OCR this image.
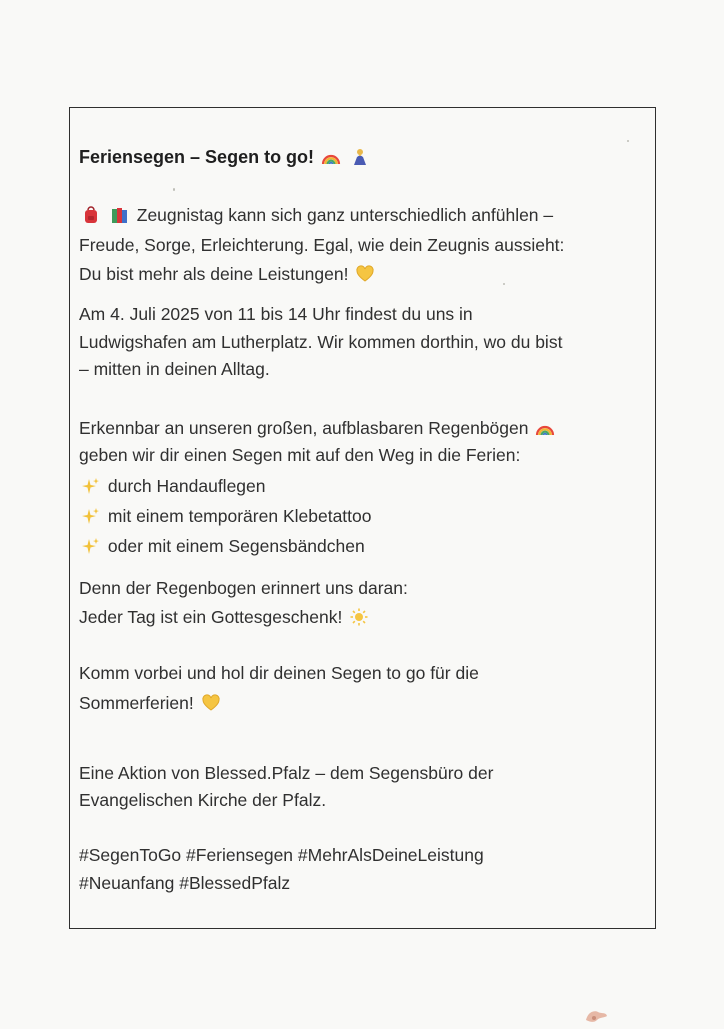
Feriensegen – Segen to go!

Zeugnistag kann sich ganz unterschiedlich anfühlen –
Freude, Sorge, Erleichterung. Egal, wie dein Zeugnis aussieht:
Du bist mehr als deine Leistungen!
Am 4. Juli 2025 von 11 bis 14 Uhr findest du uns in
Ludwigshafen am Lutherplatz. Wir kommen dorthin, wo du bist
– mitten in deinen Alltag.
Erkennbar an unseren großen, aufblasbaren Regenbögen
geben wir dir einen Segen mit auf den Weg in die Ferien:
durch Handauflegen
mit einem temporären Klebetattoo
oder mit einem Segensbändchen
Denn der Regenbogen erinnert uns daran:
Jeder Tag ist ein Gottesgeschenk!
Komm vorbei und hol dir deinen Segen to go für die
Sommerferien!
Eine Aktion von Blessed.Pfalz – dem Segensbüro der
Evangelischen Kirche der Pfalz.
#SegenToGo #Feriensegen #MehrAlsDeineLeistung
#Neuanfang #BlessedPfalz
